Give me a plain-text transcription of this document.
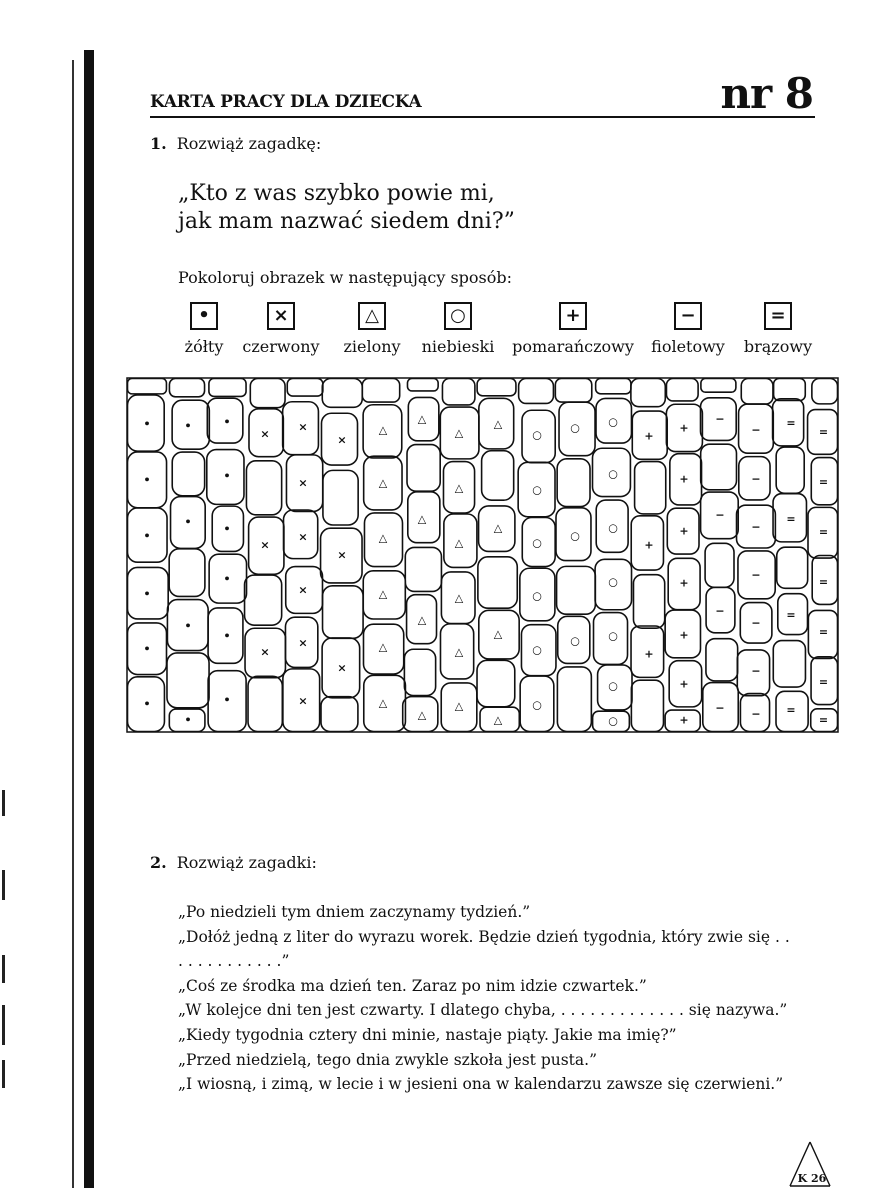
KARTA PRACY DLA DZIECKA	nr 8
1. Rozwiąż zagadkę:
„Kto z was szybko powie mi,
jak mam nazwać siedem dni?”
Pokoloruj obrazek w następujący sposób:
•
żółty
×
czerwony
△
zielony
○
niebieski
+
pomarańczowy
−
fioletowy
=
brązowy
•
•
•
•
•
•
•
•
•
•
•
•
•
•
•
•
×
×
×
×
×
×
×
×
×
×
×
×
△
△
△
△
△
△
△
△
△
△
△
△
△
△
△
△
△
△
△
△
○
○
○
○
○
○
○
○
○
○
○
○
○
○
○
○
+
+
+
+
+
+
+
+
+
+
−
−
−
−
−
−
−
−
−
−
−
=
=
=
=
=
=
=
=
=
=
=
2. Rozwiąż zagadki:
„Po niedzieli tym dniem zaczynamy tydzień.”
„Dołóż jedną z liter do wyrazu worek. Będzie dzień tygodnia, który zwie się . .
. . . . . . . . . . .”
„Coś ze środka ma dzień ten. Zaraz po nim idzie czwartek.”
„W kolejce dni ten jest czwarty. I dlatego chyba, . . . . . . . . . . . . . się nazywa.”
„Kiedy tygodnia cztery dni minie, nastaje piąty. Jakie ma imię?”
„Przed niedzielą, tego dnia zwykle szkoła jest pusta.”
„I wiosną, i zimą, w lecie i w jesieni ona w kalendarzu zawsze się czerwieni.”
K 26
